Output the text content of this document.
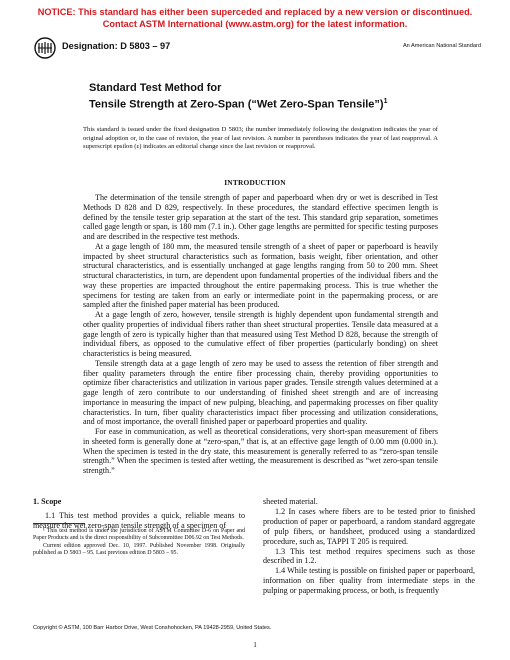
NOTICE: This standard has either been superceded and replaced by a new version or discontinued.
Contact ASTM International (www.astm.org) for the latest information.
Designation: D 5803 – 97	An American National Standard
Standard Test Method for
Tensile Strength at Zero-Span (“Wet Zero-Span Tensile”)$^1$
This standard is issued under the fixed designation D 5803; the number immediately following the designation indicates the year of original adoption or, in the case of revision, the year of last revision. A number in parentheses indicates the year of last reapproval. A superscript epsilon (ε) indicates an editorial change since the last revision or reapproval.
INTRODUCTION

The determination of the tensile strength of paper and paperboard when dry or wet is described in Test Methods D 828 and D 829, respectively. In these procedures, the standard effective specimen length is defined by the tensile tester grip separation at the start of the test. This standard grip separation, sometimes called gage length or span, is 180 mm (7.1 in.). Other gage lengths are permitted for specific testing purposes and are described in the respective test methods.

At a gage length of 180 mm, the measured tensile strength of a sheet of paper or paperboard is heavily impacted by sheet structural characteristics such as formation, basis weight, fiber orientation, and other structural characteristics, and is essentially unchanged at gage lengths ranging from 50 to 200 mm. Sheet structural characteristics, in turn, are dependent upon fundamental properties of the individual fibers and the way these properties are impacted throughout the entire papermaking process. This is true whether the specimens for testing are taken from an early or intermediate point in the papermaking process, or are sampled after the finished paper material has been produced.

At a gage length of zero, however, tensile strength is highly dependent upon fundamental strength and other quality properties of individual fibers rather than sheet structural properties. Tensile data measured at a gage length of zero is typically higher than that measured using Test Method D 828, because the strength of individual fibers, as opposed to the cumulative effect of fiber properties (particularly bonding) on sheet characteristics is being measured.

Tensile strength data at a gage length of zero may be used to assess the retention of fiber strength and fiber quality parameters through the entire fiber processing chain, thereby providing opportunities to optimize fiber characteristics and utilization in various paper grades. Tensile strength values determined at a gage length of zero contribute to our understanding of finished sheet strength and are of increasing importance in measuring the impact of new pulping, bleaching, and papermaking processes on fiber quality characteristics. In turn, fiber quality characteristics impact fiber processing and utilization considerations, and of most importance, the overall finished paper or paperboard properties and quality.

For ease in communication, as well as theoretical considerations, very short-span measurement of fibers in sheeted form is generally done at “zero-span,” that is, at an effective gage length of 0.00 mm (0.000 in.). When the specimen is tested in the dry state, this measurement is generally referred to as “zero-span tensile strength.” When the specimen is tested after wetting, the measurement is described as “wet zero-span tensile strength.”

1. Scope

1.1 This test method provides a quick, reliable means to measure the wet zero-span tensile strength of a specimen of

sheeted material.

1.2 In cases where fibers are to be tested prior to finished production of paper or paperboard, a random standard aggregate of pulp fibers, or handsheet, produced using a standardized procedure, such as, TAPPI T 205 is required.

1.3 This test method requires specimens such as those described in 1.2.

1.4 While testing is possible on finished paper or paperboard, information on fiber quality from intermediate steps in the pulping or papermaking process, or both, is frequently

¹ This test method is under the jurisdiction of ASTM Committee D-6 on Paper and Paper Products and is the direct responsibility of Subcommittee D06.92 on Test Methods.

Current edition approved Dec. 10, 1997. Published November 1998. Originally published as D 5803 – 95. Last previous edition D 5803 – 95.

Copyright © ASTM, 100 Barr Harbor Drive, West Conshohocken, PA 19428-2959, United States.
1
